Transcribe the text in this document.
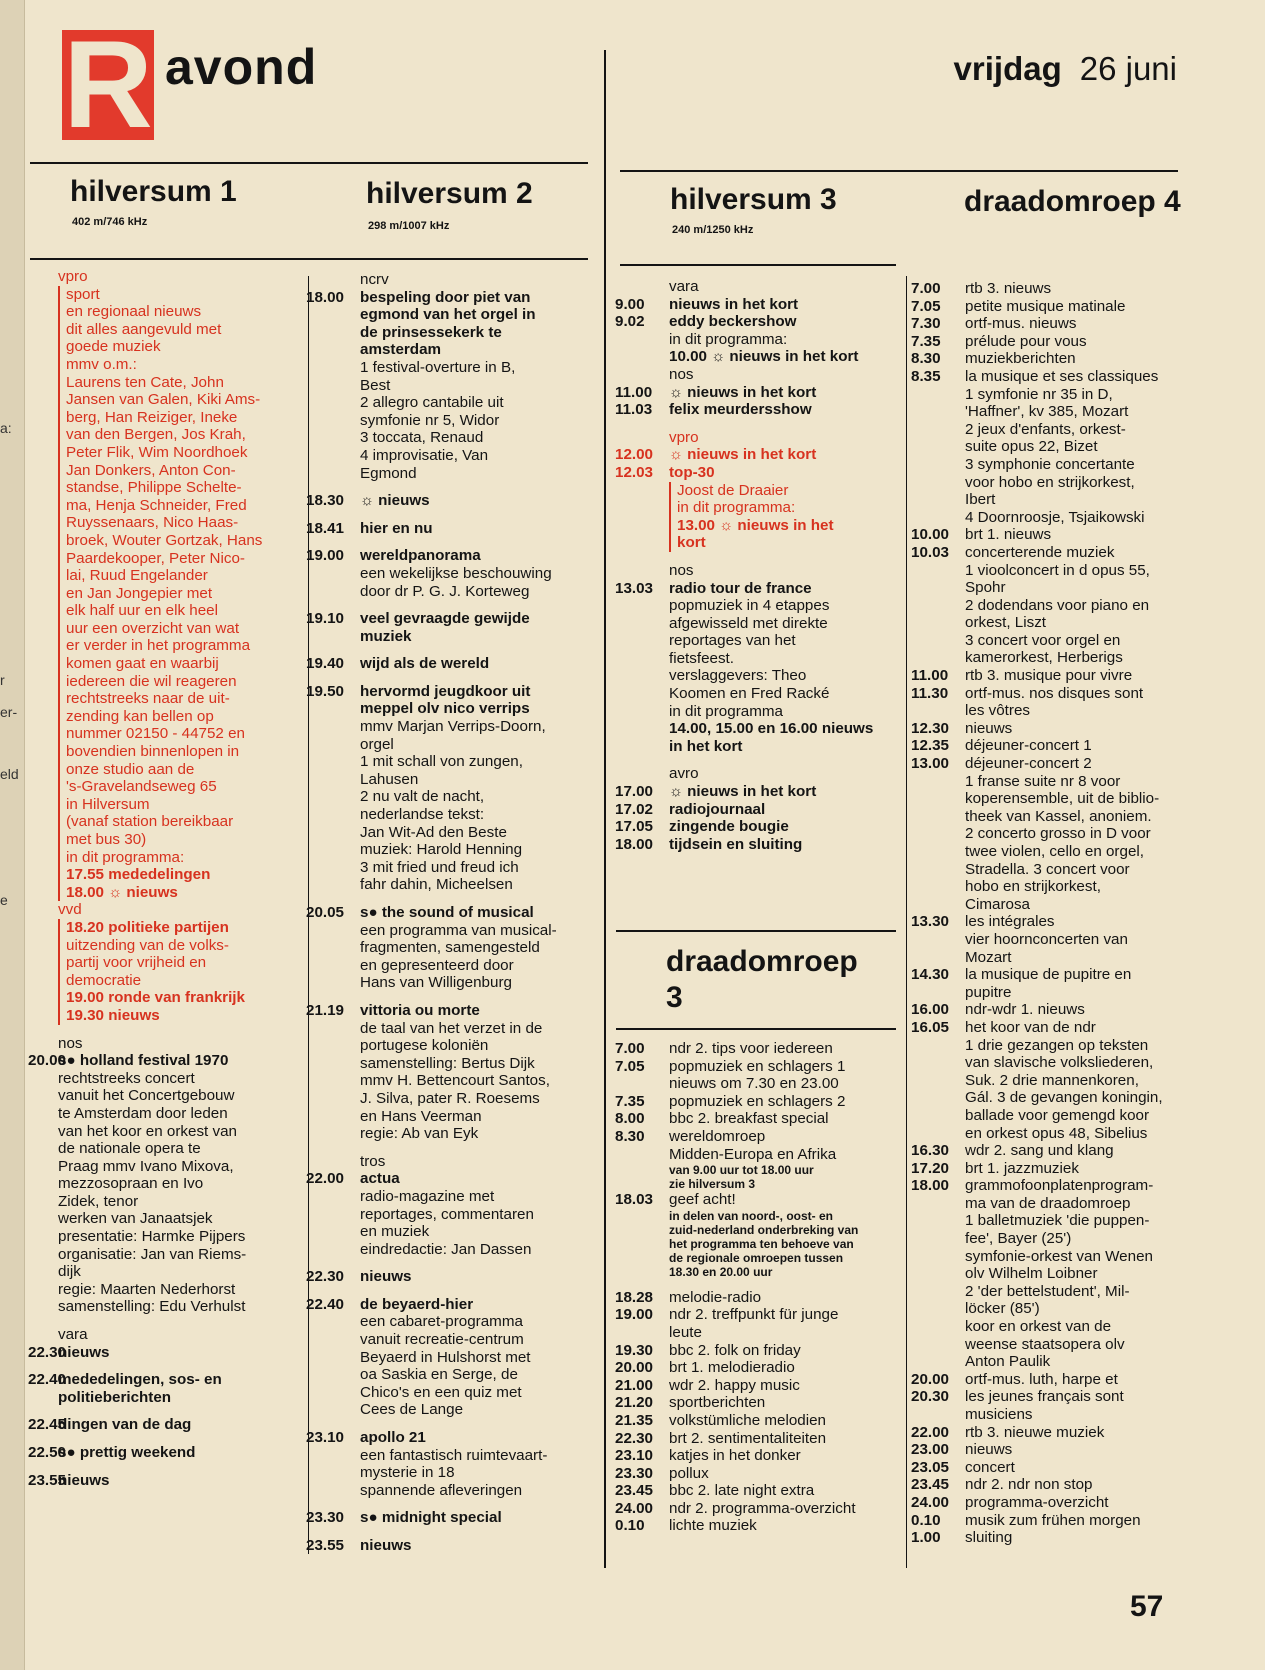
a:
r
er-
eld
e
R avond	vrijdag 26 juni
hilversum 1
402 m/746 kHz
hilversum 2
298 m/1007 kHz
hilversum 3
240 m/1250 kHz
draadomroep 4
draadomroep 3
vpro
sport
en regionaal nieuws
dit alles aangevuld met
goede muziek
mmv o.m.:
Laurens ten Cate, John
Jansen van Galen, Kiki Ams-
berg, Han Reiziger, Ineke
van den Bergen, Jos Krah,
Peter Flik, Wim Noordhoek
Jan Donkers, Anton Con-
standse, Philippe Schelte-
ma, Henja Schneider, Fred
Ruyssenaars, Nico Haas-
broek, Wouter Gortzak, Hans
Paardekooper, Peter Nico-
lai, Ruud Engelander
en Jan Jongepier met
elk half uur en elk heel
uur een overzicht van wat
er verder in het programma
komen gaat en waarbij
iedereen die wil reageren
rechtstreeks naar de uit-
zending kan bellen op
nummer 02150 - 44752 en
bovendien binnenlopen in
onze studio aan de
's-Gravelandseweg 65
in Hilversum
(vanaf station bereikbaar
met bus 30)
in dit programma:
17.55 mededelingen
18.00 ☼ nieuws
vvd
18.20 politieke partijen
uitzending van de volks-
partij voor vrijheid en
democratie
19.00 ronde van frankrijk
19.30 nieuws
nos
20.00
s● holland festival 1970
rechtstreeks concert
vanuit het Concertgebouw
te Amsterdam door leden
van het koor en orkest van
de nationale opera te
Praag mmv Ivano Mixova,
mezzosopraan en Ivo
Zidek, tenor
werken van Janaatsjek
presentatie: Harmke Pijpers
organisatie: Jan van Riems-
dijk
regie: Maarten Nederhorst
samenstelling: Edu Verhulst
vara
22.30
nieuws
22.40
mededelingen, sos- en
politieberichten
22.45
dingen van de dag
22.50
s● prettig weekend
23.55
nieuws
ncrv
18.00 bespeling door piet van
egmond van het orgel in
de prinsessekerk te
amsterdam
1 festival-overture in B,
Best
2 allegro cantabile uit
symfonie nr 5, Widor
3 toccata, Renaud
4 improvisatie, Van
Egmond
18.30 ☼ nieuws
18.41 hier en nu
19.00 wereldpanorama
een wekelijkse beschouwing
door dr P. G. J. Korteweg
19.10 veel gevraagde gewijde
muziek
19.40 wijd als de wereld
19.50 hervormd jeugdkoor uit
meppel olv nico verrips
mmv Marjan Verrips-Doorn,
orgel
1 mit schall von zungen,
Lahusen
2 nu valt de nacht,
nederlandse tekst:
Jan Wit-Ad den Beste
muziek: Harold Henning
3 mit fried und freud ich
fahr dahin, Micheelsen
20.05 s● the sound of musical
een programma van musical-
fragmenten, samengesteld
en gepresenteerd door
Hans van Willigenburg
21.19 vittoria ou morte
de taal van het verzet in de
portugese koloniën
samenstelling: Bertus Dijk
mmv H. Bettencourt Santos,
J. Silva, pater R. Roesems
en Hans Veerman
regie: Ab van Eyk
tros
22.00 actua
radio-magazine met
reportages, commentaren
en muziek
eindredactie: Jan Dassen
22.30 nieuws
22.40 de beyaerd-hier
een cabaret-programma
vanuit recreatie-centrum
Beyaerd in Hulshorst met
oa Saskia en Serge, de
Chico's en een quiz met
Cees de Lange
23.10 apollo 21
een fantastisch ruimtevaart-
mysterie in 18
spannende afleveringen
23.30 s● midnight special
23.55 nieuws
vara
9.00 nieuws in het kort
9.02 eddy beckershow
in dit programma:
10.00 ☼ nieuws in het kort
nos
11.00 ☼ nieuws in het kort
11.03 felix meurdersshow
vpro
12.00 ☼ nieuws in het kort
12.03 top-30
Joost de Draaier
in dit programma:
13.00 ☼ nieuws in het
kort
nos
13.03 radio tour de france
popmuziek in 4 etappes
afgewisseld met direkte
reportages van het
fietsfeest.
verslaggevers: Theo
Koomen en Fred Racké
in dit programma
14.00, 15.00 en 16.00 nieuws
in het kort
avro
17.00 ☼ nieuws in het kort
17.02 radiojournaal
17.05 zingende bougie
18.00 tijdsein en sluiting
7.00 ndr 2. tips voor iedereen
7.05 popmuziek en schlagers 1
nieuws om 7.30 en 23.00
7.35 popmuziek en schlagers 2
8.00 bbc 2. breakfast special
8.30 wereldomroep
Midden-Europa en Afrika
van 9.00 uur tot 18.00 uur
zie hilversum 3
18.03 geef acht!
in delen van noord-, oost- en
zuid-nederland onderbreking van
het programma ten behoeve van
de regionale omroepen tussen
18.30 en 20.00 uur
18.28 melodie-radio
19.00 ndr 2. treffpunkt für junge
leute
19.30 bbc 2. folk on friday
20.00 brt 1. melodieradio
21.00 wdr 2. happy music
21.20 sportberichten
21.35 volkstümliche melodien
22.30 brt 2. sentimentaliteiten
23.10 katjes in het donker
23.30 pollux
23.45 bbc 2. late night extra
24.00 ndr 2. programma-overzicht
0.10 lichte muziek
7.00 rtb 3. nieuws
7.05 petite musique matinale
7.30 ortf-mus. nieuws
7.35 prélude pour vous
8.30 muziekberichten
8.35 la musique et ses classiques
1 symfonie nr 35 in D,
'Haffner', kv 385, Mozart
2 jeux d'enfants, orkest-
suite opus 22, Bizet
3 symphonie concertante
voor hobo en strijkorkest,
Ibert
4 Doornroosje, Tsjaikowski
10.00 brt 1. nieuws
10.03 concerterende muziek
1 vioolconcert in d opus 55,
Spohr
2 dodendans voor piano en
orkest, Liszt
3 concert voor orgel en
kamerorkest, Herberigs
11.00 rtb 3. musique pour vivre
11.30 ortf-mus. nos disques sont
les vôtres
12.30 nieuws
12.35 déjeuner-concert 1
13.00 déjeuner-concert 2
1 franse suite nr 8 voor
koperensemble, uit de biblio-
theek van Kassel, anoniem.
2 concerto grosso in D voor
twee violen, cello en orgel,
Stradella. 3 concert voor
hobo en strijkorkest,
Cimarosa
13.30 les intégrales
vier hoornconcerten van
Mozart
14.30 la musique de pupitre en
pupitre
16.00 ndr-wdr 1. nieuws
16.05 het koor van de ndr
1 drie gezangen op teksten
van slavische volksliederen,
Suk. 2 drie mannenkoren,
Gál. 3 de gevangen koningin,
ballade voor gemengd koor
en orkest opus 48, Sibelius
16.30 wdr 2. sang und klang
17.20 brt 1. jazzmuziek
18.00 grammofoonplatenprogram-
ma van de draadomroep
1 balletmuziek 'die puppen-
fee', Bayer (25')
symfonie-orkest van Wenen
olv Wilhelm Loibner
2 'der bettelstudent', Mil-
löcker (85')
koor en orkest van de
weense staatsopera olv
Anton Paulik
20.00 ortf-mus. luth, harpe et
20.30 les jeunes français sont
musiciens
22.00 rtb 3. nieuwe muziek
23.00 nieuws
23.05 concert
23.45 ndr 2. ndr non stop
24.00 programma-overzicht
0.10 musik zum frühen morgen
1.00 sluiting
57
